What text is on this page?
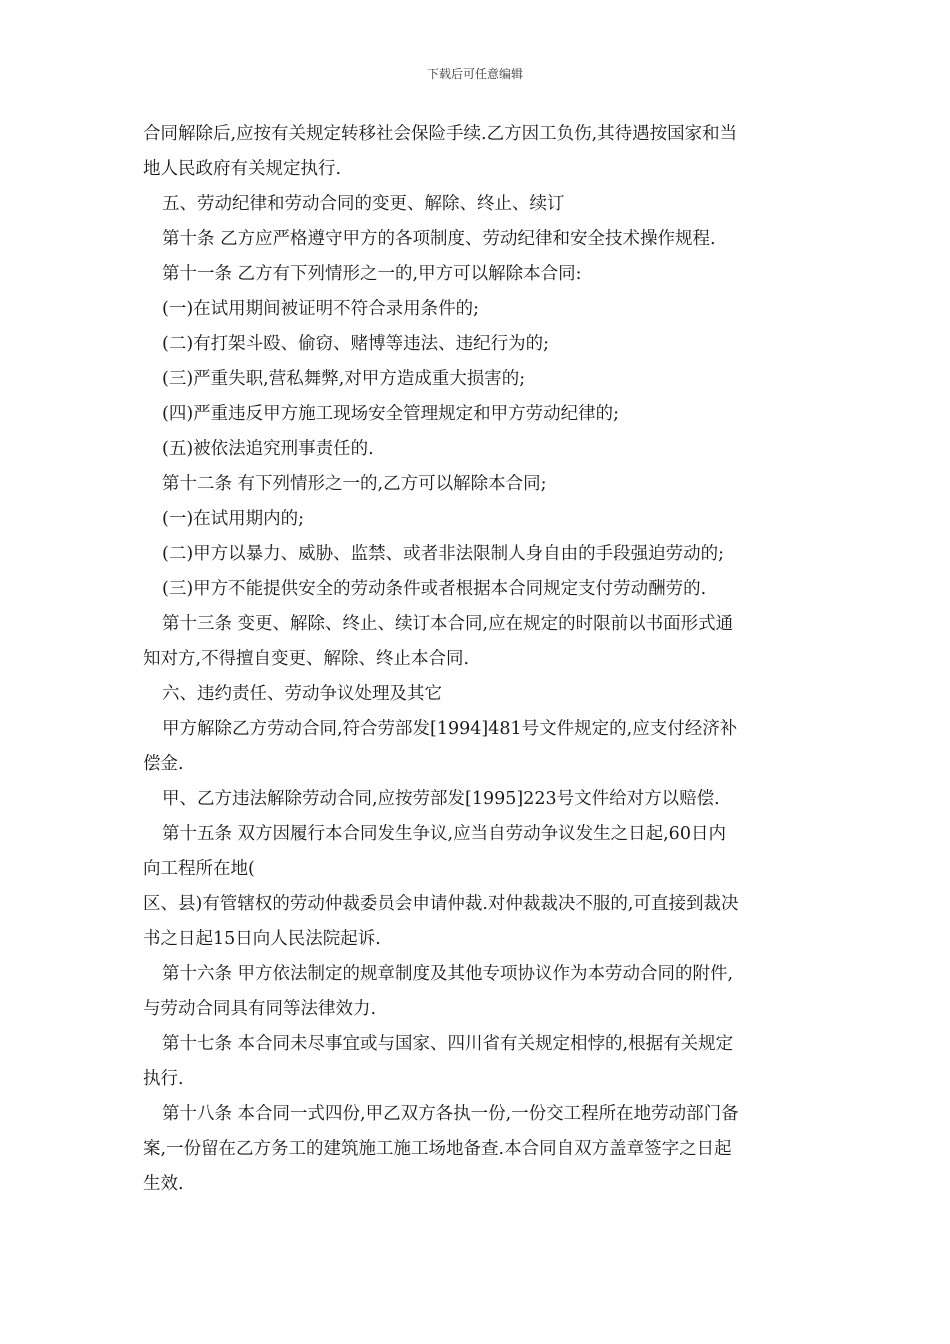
下载后可任意编辑
合同解除后,应按有关规定转移社会保险手续.乙方因工负伤,其待遇按国家和当
地人民政府有关规定执行.
五、劳动纪律和劳动合同的变更、解除、终止、续订
第十条 乙方应严格遵守甲方的各项制度、劳动纪律和安全技术操作规程.
第十一条 乙方有下列情形之一的,甲方可以解除本合同:
(一)在试用期间被证明不符合录用条件的;
(二)有打架斗殴、偷窃、赌博等违法、违纪行为的;
(三)严重失职,营私舞弊,对甲方造成重大损害的;
(四)严重违反甲方施工现场安全管理规定和甲方劳动纪律的;
(五)被依法追究刑事责任的.
第十二条 有下列情形之一的,乙方可以解除本合同;
(一)在试用期内的;
(二)甲方以暴力、威胁、监禁、或者非法限制人身自由的手段强迫劳动的;
(三)甲方不能提供安全的劳动条件或者根据本合同规定支付劳动酬劳的.
第十三条 变更、解除、终止、续订本合同,应在规定的时限前以书面形式通
知对方,不得擅自变更、解除、终止本合同.
六、违约责任、劳动争议处理及其它
甲方解除乙方劳动合同,符合劳部发[1994]481号文件规定的,应支付经济补
偿金.
甲、乙方违法解除劳动合同,应按劳部发[1995]223号文件给对方以赔偿.
第十五条 双方因履行本合同发生争议,应当自劳动争议发生之日起,60日内
向工程所在地(
区、县)有管辖权的劳动仲裁委员会申请仲裁.对仲裁裁决不服的,可直接到裁决
书之日起15日向人民法院起诉.
第十六条 甲方依法制定的规章制度及其他专项协议作为本劳动合同的附件,
与劳动合同具有同等法律效力.
第十七条 本合同未尽事宜或与国家、四川省有关规定相悖的,根据有关规定
执行.
第十八条 本合同一式四份,甲乙双方各执一份,一份交工程所在地劳动部门备
案,一份留在乙方务工的建筑施工施工场地备查.本合同自双方盖章签字之日起
生效.
